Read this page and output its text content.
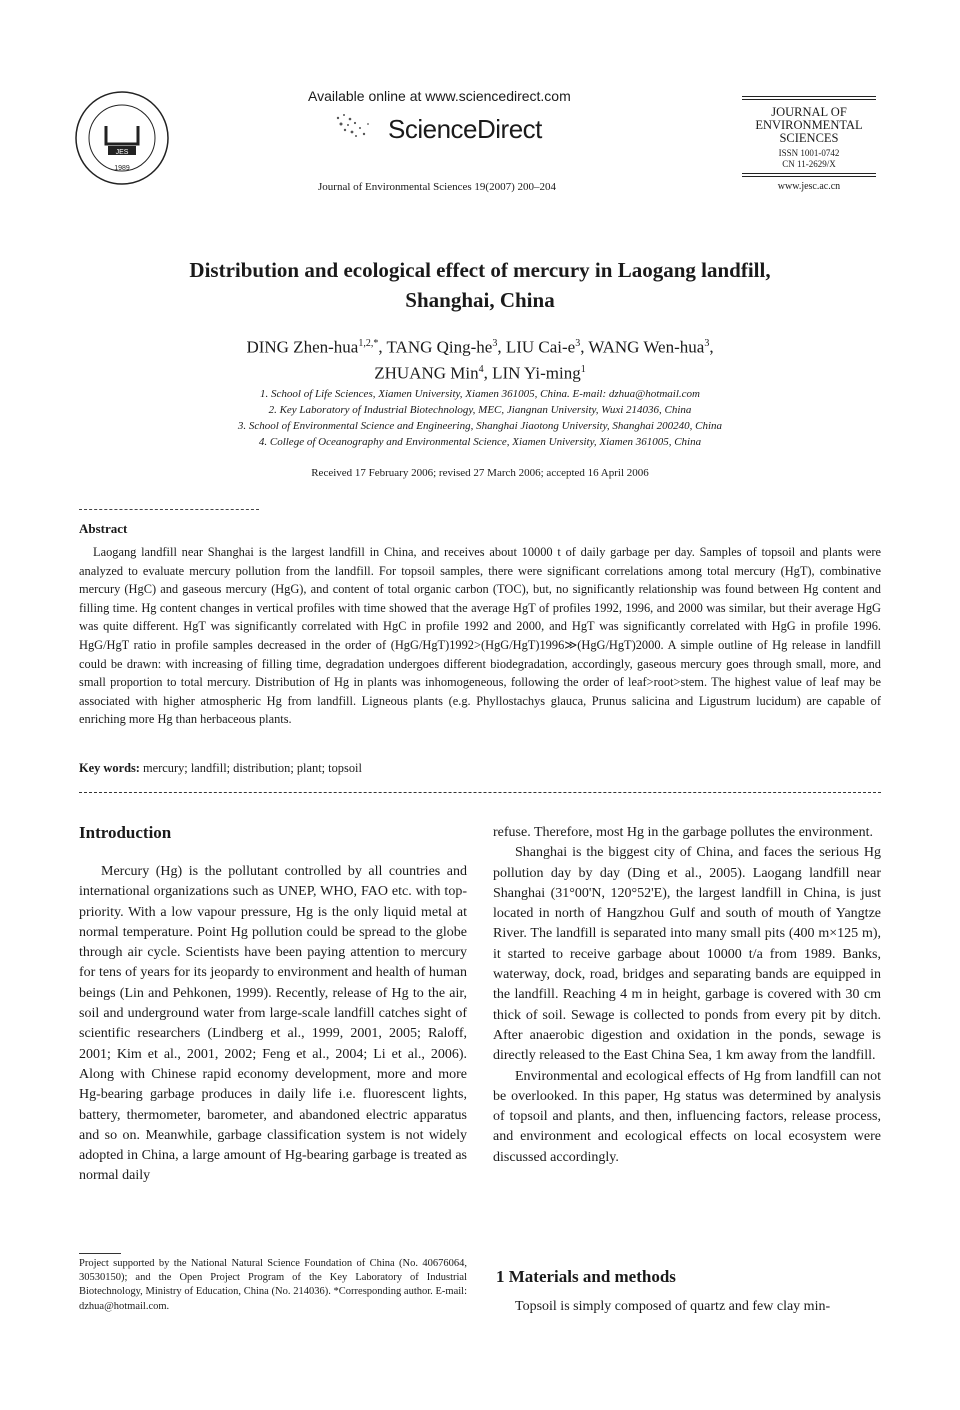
JES
1989
Available online at www.sciencedirect.com
ScienceDirect
Journal of Environmental Sciences 19(2007) 200–204
JOURNAL OF ENVIRONMENTAL SCIENCES
ISSN 1001-0742
CN 11-2629/X
www.jesc.ac.cn
Distribution and ecological effect of mercury in Laogang landfill,
Shanghai, China
DING Zhen-hua$^{1,2,*}$, TANG Qing-$he^3$, LIU Cai-$e^3$, WANG Wen-hua$^3$,
ZHUANG Min$^4$, LIN Yi-ming$^1$
1. School of Life Sciences, Xiamen University, Xiamen 361005, China. E-mail: dzhua@hotmail.com
2. Key Laboratory of Industrial Biotechnology, MEC, Jiangnan University, Wuxi 214036, China
3. School of Environmental Science and Engineering, Shanghai Jiaotong University, Shanghai 200240, China
4. College of Oceanography and Environmental Science, Xiamen University, Xiamen 361005, China
Received 17 February 2006; revised 27 March 2006; accepted 16 April 2006
Abstract
Laogang landfill near Shanghai is the largest landfill in China, and receives about 10000 t of daily garbage per day. Samples of topsoil and plants were analyzed to evaluate mercury pollution from the landfill. For topsoil samples, there were significant correlations among total mercury (HgT), combinative mercury (HgC) and gaseous mercury (HgG), and content of total organic carbon (TOC), but, no significantly relationship was found between Hg content and filling time. Hg content changes in vertical profiles with time showed that the average HgT of profiles 1992, 1996, and 2000 was similar, but their average HgG was quite different. HgT was significantly correlated with HgC in profile 1992 and 2000, and HgT was significantly correlated with HgG in profile 1996. HgG/HgT ratio in profile samples decreased in the order of (HgG/HgT)1992>(HgG/HgT)1996≫(HgG/HgT)2000. A simple outline of Hg release in landfill could be drawn: with increasing of filling time, degradation undergoes different biodegradation, accordingly, gaseous mercury goes through small, more, and small proportion to total mercury. Distribution of Hg in plants was inhomogeneous, following the order of leaf>root>stem. The highest value of leaf may be associated with higher atmospheric Hg from landfill. Ligneous plants (e.g. Phyllostachys glauca, Prunus salicina and Ligustrum lucidum) are capable of enriching more Hg than herbaceous plants.
Key words: mercury; landfill; distribution; plant; topsoil
Introduction

Mercury (Hg) is the pollutant controlled by all countries and international organizations such as UNEP, WHO, FAO etc. with top-priority. With a low vapour pressure, Hg is the only liquid metal at normal temperature. Point Hg pollution could be spread to the globe through air cycle. Scientists have been paying attention to mercury for tens of years for its jeopardy to environment and health of human beings (Lin and Pehkonen, 1999). Recently, release of Hg to the air, soil and underground water from large-scale landfill catches sight of scientific researchers (Lindberg et al., 1999, 2001, 2005; Raloff, 2001; Kim et al., 2001, 2002; Feng et al., 2004; Li et al., 2006). Along with Chinese rapid economy development, more and more Hg-bearing garbage produces in daily life i.e. fluorescent lights, battery, thermometer, barometer, and abandoned electric apparatus and so on. Meanwhile, garbage classification system is not widely adopted in China, a large amount of Hg-bearing garbage is treated as normal daily

Project supported by the National Natural Science Foundation of China (No. 40676064, 30530150); and the Open Project Program of the Key Laboratory of Industrial Biotechnology, Ministry of Education, China (No. 214036). *Corresponding author. E-mail: dzhua@hotmail.com.

refuse. Therefore, most Hg in the garbage pollutes the environment.

Shanghai is the biggest city of China, and faces the serious Hg pollution day by day (Ding et al., 2005). Laogang landfill near Shanghai (31°00'N, 120°52'E), the largest landfill in China, is just located in north of Hangzhou Gulf and south of mouth of Yangtze River. The landfill is separated into many small pits (400 m×125 m), it started to receive garbage about 10000 t/a from 1989. Banks, waterway, dock, road, bridges and separating bands are equipped in the landfill. Reaching 4 m in height, garbage is covered with 30 cm thick of soil. Sewage is collected to ponds from every pit by ditch. After anaerobic digestion and oxidation in the ponds, sewage is directly released to the East China Sea, 1 km away from the landfill.

Environmental and ecological effects of Hg from landfill can not be overlooked. In this paper, Hg status was determined by analysis of topsoil and plants, and then, influencing factors, release process, and environment and ecological effects on local ecosystem were discussed accordingly.

1 Materials and methods

Topsoil is simply composed of quartz and few clay min-
